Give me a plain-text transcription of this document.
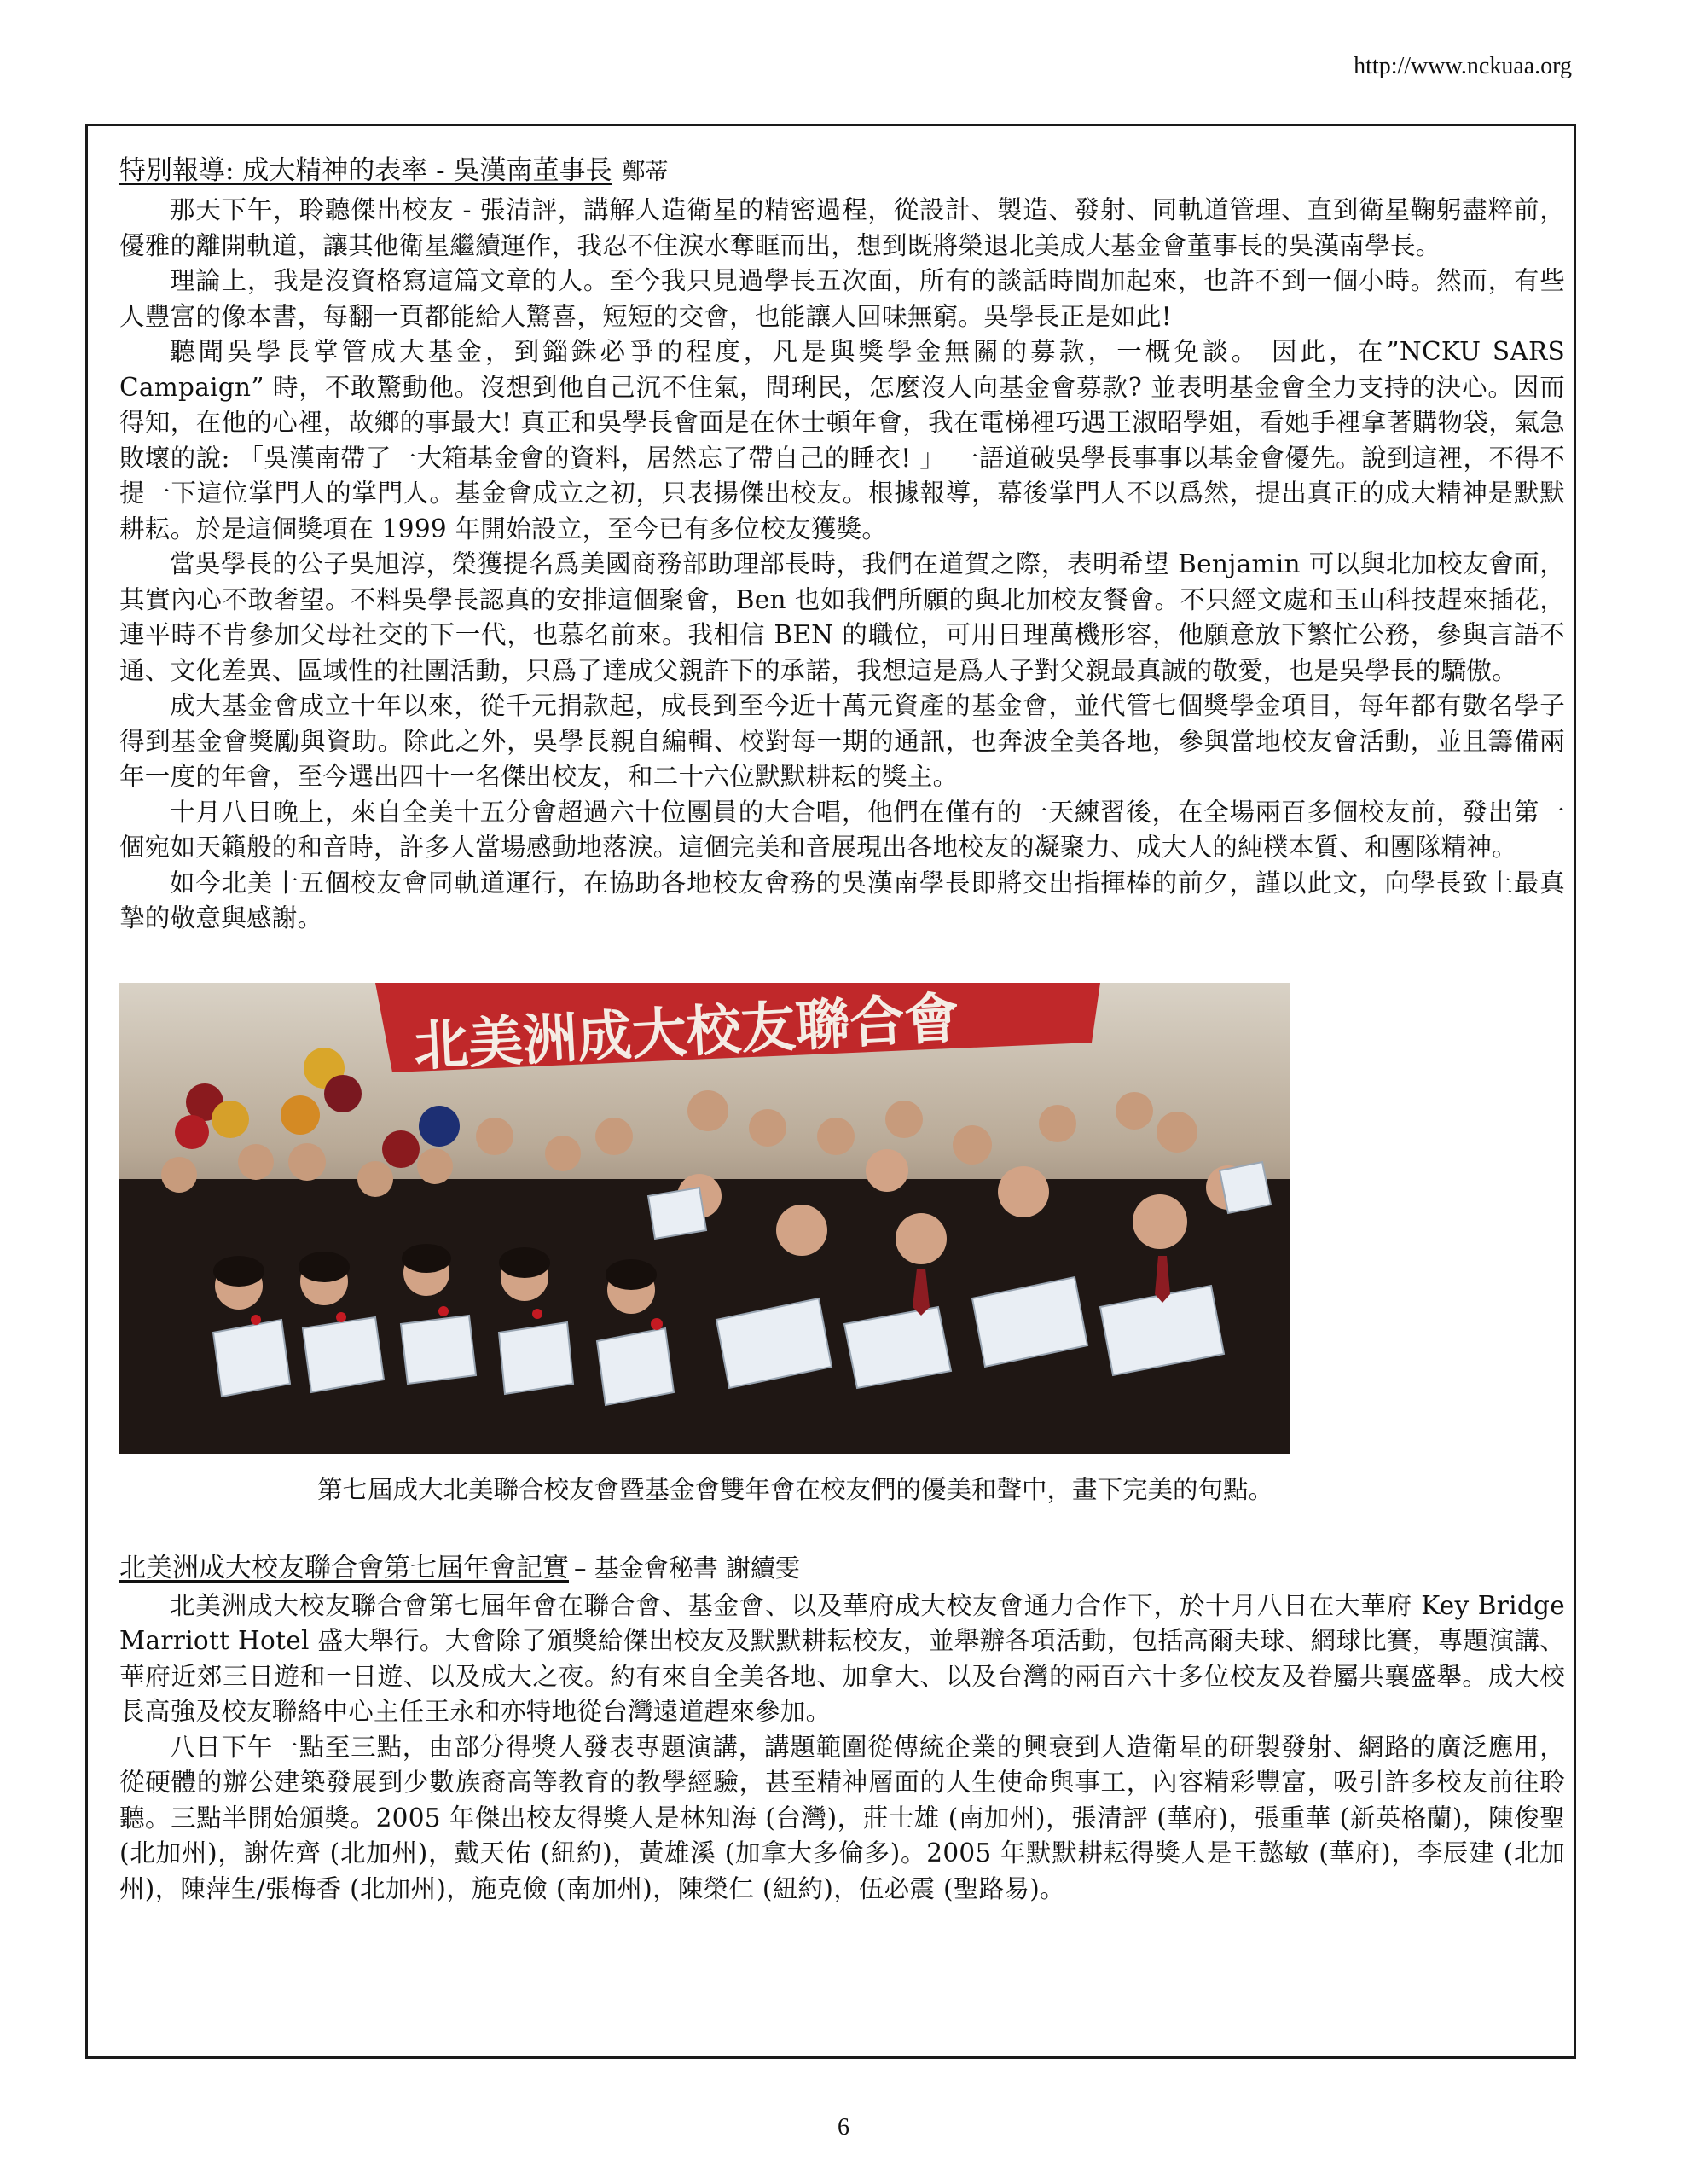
http://www.nckuaa.org
特別報導: 成大精神的表率 - 吳漢南董事長 鄭蒂

那天下午，聆聽傑出校友 - 張清評，講解人造衛星的精密過程，從設計、製造、發射、同軌道管理、直到衛星鞠躬盡粹前，優雅的離開軌道，讓其他衛星繼續運作，我忍不住淚水奪眶而出，想到既將榮退北美成大基金會董事長的吳漢南學長。

理論上，我是沒資格寫這篇文章的人。至今我只見過學長五次面，所有的談話時間加起來，也許不到一個小時。然而，有些人豐富的像本書，每翻一頁都能給人驚喜，短短的交會，也能讓人回味無窮。吳學長正是如此!

聽聞吳學長掌管成大基金，到錙銖必爭的程度，凡是與獎學金無關的募款，一概免談。 因此，在”NCKU SARS Campaign” 時，不敢驚動他。沒想到他自己沉不住氣，問琍民，怎麼沒人向基金會募款? 並表明基金會全力支持的決心。因而得知，在他的心裡，故鄉的事最大! 真正和吳學長會面是在休士頓年會，我在電梯裡巧遇王淑昭學姐，看她手裡拿著購物袋，氣急敗壞的說: 「吳漢南帶了一大箱基金會的資料，居然忘了帶自己的睡衣! 」 一語道破吳學長事事以基金會優先。說到這裡，不得不提一下這位掌門人的掌門人。基金會成立之初，只表揚傑出校友。根據報導，幕後掌門人不以爲然，提出真正的成大精神是默默耕耘。於是這個獎項在 1999 年開始設立，至今已有多位校友獲獎。

當吳學長的公子吳旭淳，榮獲提名爲美國商務部助理部長時，我們在道賀之際，表明希望 Benjamin 可以與北加校友會面，其實內心不敢奢望。不料吳學長認真的安排這個聚會，Ben 也如我們所願的與北加校友餐會。不只經文處和玉山科技趕來插花，連平時不肯參加父母社交的下一代，也慕名前來。我相信 BEN 的職位，可用日理萬機形容，他願意放下繁忙公務，參與言語不通、文化差異、區域性的社團活動，只爲了達成父親許下的承諾，我想這是爲人子對父親最真誠的敬愛，也是吳學長的驕傲。

成大基金會成立十年以來，從千元捐款起，成長到至今近十萬元資產的基金會，並代管七個獎學金項目，每年都有數名學子得到基金會獎勵與資助。除此之外，吳學長親自編輯、校對每一期的通訊，也奔波全美各地，參與當地校友會活動，並且籌備兩年一度的年會，至今選出四十一名傑出校友，和二十六位默默耕耘的獎主。

十月八日晚上，來自全美十五分會超過六十位團員的大合唱，他們在僅有的一天練習後，在全場兩百多個校友前，發出第一個宛如天籟般的和音時，許多人當場感動地落淚。這個完美和音展現出各地校友的凝聚力、成大人的純樸本質、和團隊精神。

如今北美十五個校友會同軌道運行，在協助各地校友會務的吳漢南學長即將交出指揮棒的前夕，謹以此文，向學長致上最真摯的敬意與感謝。

北美洲成大校友聯合會
第七屆成大北美聯合校友會暨基金會雙年會在校友們的優美和聲中，畫下完美的句點。
北美洲成大校友聯合會第七屆年會記實 – 基金會秘書 謝續雯

北美洲成大校友聯合會第七屆年會在聯合會、基金會、以及華府成大校友會通力合作下，於十月八日在大華府 Key Bridge Marriott Hotel 盛大舉行。大會除了頒獎給傑出校友及默默耕耘校友，並舉辦各項活動，包括高爾夫球、網球比賽，專題演講、華府近郊三日遊和一日遊、以及成大之夜。約有來自全美各地、加拿大、以及台灣的兩百六十多位校友及眷屬共襄盛舉。成大校長高強及校友聯絡中心主任王永和亦特地從台灣遠道趕來參加。

八日下午一點至三點，由部分得獎人發表專題演講，講題範圍從傳統企業的興衰到人造衛星的研製發射、網路的廣泛應用，從硬體的辦公建築發展到少數族裔高等教育的教學經驗，甚至精神層面的人生使命與事工，內容精彩豐富，吸引許多校友前往聆聽。三點半開始頒獎。2005 年傑出校友得獎人是林知海 (台灣)，莊士雄 (南加州)，張清評 (華府)，張重華 (新英格蘭)，陳俊聖 (北加州)，謝佐齊 (北加州)，戴天佑 (紐約)，黃雄溪 (加拿大多倫多)。2005 年默默耕耘得獎人是王懿敏 (華府)，李辰建 (北加州)，陳萍生/張梅香 (北加州)，施克儉 (南加州)，陳榮仁 (紐約)，伍必震 (聖路易)。

6
